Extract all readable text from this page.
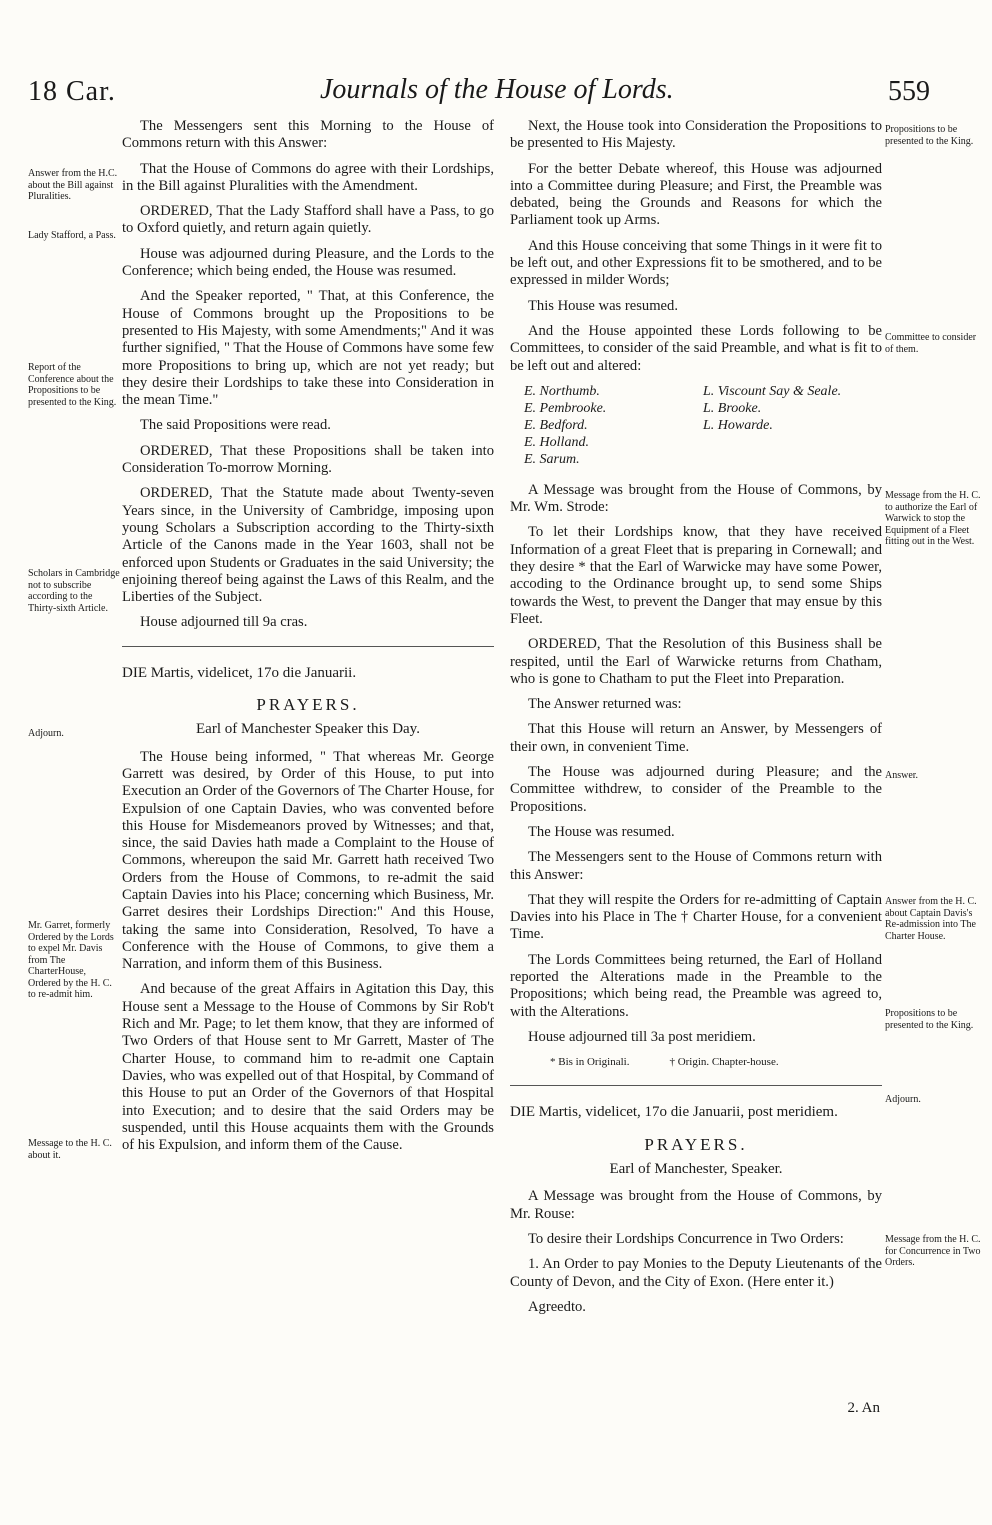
18 Car.	Journals of the House of Lords.	559
Answer from the H.C. about the Bill against Pluralities.
Lady Stafford, a Pass.
Report of the Conference about the Propositions to be presented to the King.
Scholars in Cambridge not to subscribe according to the Thirty-sixth Article.
Adjourn.
Mr. Garret, formerly Ordered by the Lords to expel Mr. Davis from The CharterHouse, Ordered by the H. C. to re-admit him.
Message to the H. C. about it.
Propositions to be presented to the King.
Committee to consider of them.
Message from the H. C. to authorize the Earl of Warwick to stop the Equipment of a Fleet fitting out in the West.
Answer.
Answer from the H. C. about Captain Davis's Re-admission into The Charter House.
Propositions to be presented to the King.
Adjourn.
Message from the H. C. for Concurrence in Two Orders.

The Messengers sent this Morning to the House of Commons return with this Answer:

That the House of Commons do agree with their Lordships, in the Bill against Pluralities with the Amendment.

ORDERED, That the Lady Stafford shall have a Pass, to go to Oxford quietly, and return again quietly.

House was adjourned during Pleasure, and the Lords to the Conference; which being ended, the House was resumed.

And the Speaker reported, " That, at this Conference, the House of Commons brought up the Propositions to be presented to His Majesty, with some Amendments;" And it was further signified, " That the House of Commons have some few more Propositions to bring up, which are not yet ready; but they desire their Lordships to take these into Consideration in the mean Time."

The said Propositions were read.

ORDERED, That these Propositions shall be taken into Consideration To-morrow Morning.

ORDERED, That the Statute made about Twenty-seven Years since, in the University of Cambridge, imposing upon young Scholars a Subscription according to the Thirty-sixth Article of the Canons made in the Year 1603, shall not be enforced upon Students or Graduates in the said University; the enjoining thereof being against the Laws of this Realm, and the Liberties of the Subject.

House adjourned till 9a cras.

DIE Martis, videlicet, 17o die Januarii.
PRAYERS.
Earl of Manchester Speaker this Day.

The House being informed, " That whereas Mr. George Garrett was desired, by Order of this House, to put into Execution an Order of the Governors of The Charter House, for Expulsion of one Captain Davies, who was convented before this House for Misdemeanors proved by Witnesses; and that, since, the said Davies hath made a Complaint to the House of Commons, whereupon the said Mr. Garrett hath received Two Orders from the House of Commons, to re-admit the said Captain Davies into his Place; concerning which Business, Mr. Garret desires their Lordships Direction:" And this House, taking the same into Consideration, Resolved, To have a Conference with the House of Commons, to give them a Narration, and inform them of this Business.

And because of the great Affairs in Agitation this Day, this House sent a Message to the House of Commons by Sir Rob't Rich and Mr. Page; to let them know, that they are informed of Two Orders of that House sent to Mr Garrett, Master of The Charter House, to command him to re-admit one Captain Davies, who was expelled out of that Hospital, by Command of this House to put an Order of the Governors of that Hospital into Execution; and to desire that the said Orders may be suspended, until this House acquaints them with the Grounds of his Expulsion, and inform them of the Cause.

Next, the House took into Consideration the Propositions to be presented to His Majesty.

For the better Debate whereof, this House was adjourned into a Committee during Pleasure; and First, the Preamble was debated, being the Grounds and Reasons for which the Parliament took up Arms.

And this House conceiving that some Things in it were fit to be left out, and other Expressions fit to be smothered, and to be expressed in milder Words;

This House was resumed.

And the House appointed these Lords following to be Committees, to consider of the said Preamble, and what is fit to be left out and altered:

E. Northumb.	L. Viscount Say & Seale.
E. Pembrooke.	L. Brooke.
E. Bedford.	L. Howarde.
E. Holland.
E. Sarum.

A Message was brought from the House of Commons, by Mr. Wm. Strode:

To let their Lordships know, that they have received Information of a great Fleet that is preparing in Cornewall; and they desire * that the Earl of Warwicke may have some Power, accoding to the Ordinance brought up, to send some Ships towards the West, to prevent the Danger that may ensue by this Fleet.

ORDERED, That the Resolution of this Business shall be respited, until the Earl of Warwicke returns from Chatham, who is gone to Chatham to put the Fleet into Preparation.

The Answer returned was:

That this House will return an Answer, by Messengers of their own, in convenient Time.

The House was adjourned during Pleasure; and the Committee withdrew, to consider of the Preamble to the Propositions.

The House was resumed.

The Messengers sent to the House of Commons return with this Answer:

That they will respite the Orders for re-admitting of Captain Davies into his Place in The † Charter House, for a convenient Time.

The Lords Committees being returned, the Earl of Holland reported the Alterations made in the Preamble to the Propositions; which being read, the Preamble was agreed to, with the Alterations.

House adjourned till 3a post meridiem.

* Bis in Originali.	† Origin. Chapter-house.
DIE Martis, videlicet, 17o die Januarii, post meridiem.
PRAYERS.
Earl of Manchester, Speaker.

A Message was brought from the House of Commons, by Mr. Rouse:

To desire their Lordships Concurrence in Two Orders:

1. An Order to pay Monies to the Deputy Lieutenants of the County of Devon, and the City of Exon. (Here enter it.)

Agreedto.

2. An
